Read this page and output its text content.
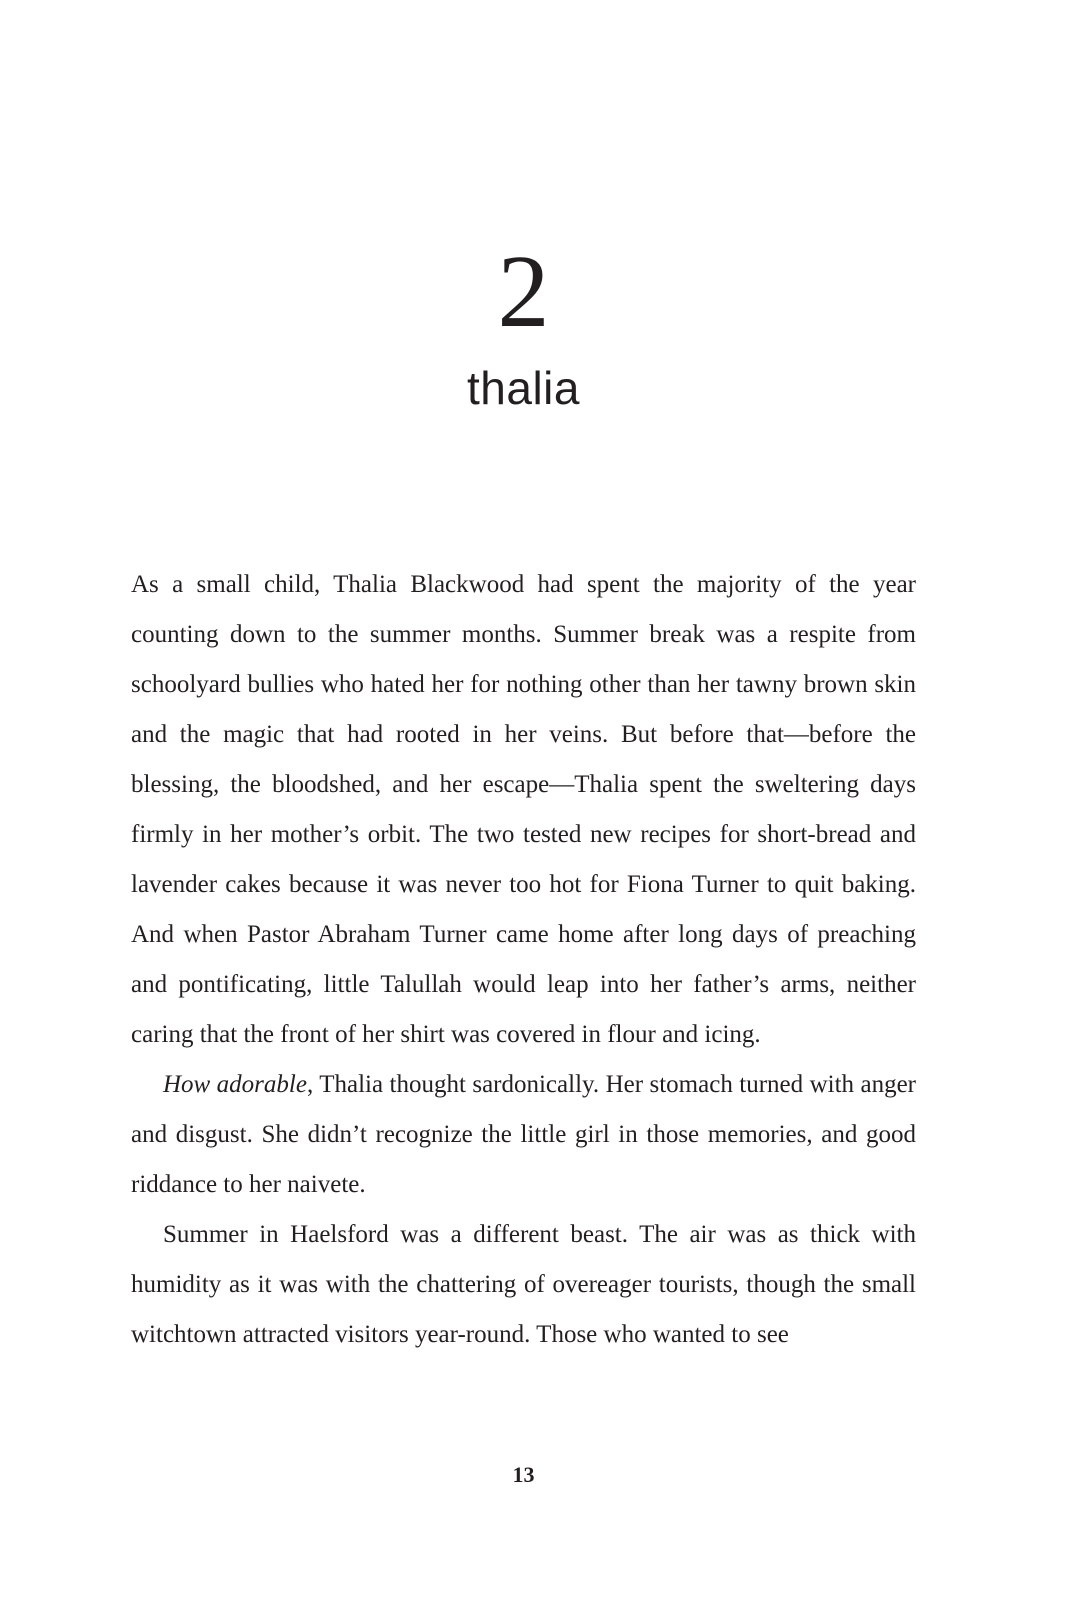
2
thalia

As a small child, Thalia Blackwood had spent the majority of the year counting down to the summer months. Summer break was a respite from schoolyard bullies who hated her for nothing other than her tawny brown skin and the magic that had rooted in her veins. But before that—before the blessing, the bloodshed, and her escape—Thalia spent the sweltering days firmly in her mother’s orbit. The two tested new recipes for short-bread and lavender cakes because it was never too hot for Fiona Turner to quit baking. And when Pastor Abraham Turner came home after long days of preaching and pontificating, little Talullah would leap into her father’s arms, neither caring that the front of her shirt was covered in flour and icing.

How adorable, Thalia thought sardonically. Her stomach turned with anger and disgust. She didn’t recognize the little girl in those memories, and good riddance to her naivete.

Summer in Haelsford was a different beast. The air was as thick with humidity as it was with the chattering of overeager tourists, though the small witchtown attracted visitors year-round. Those who wanted to see

13
